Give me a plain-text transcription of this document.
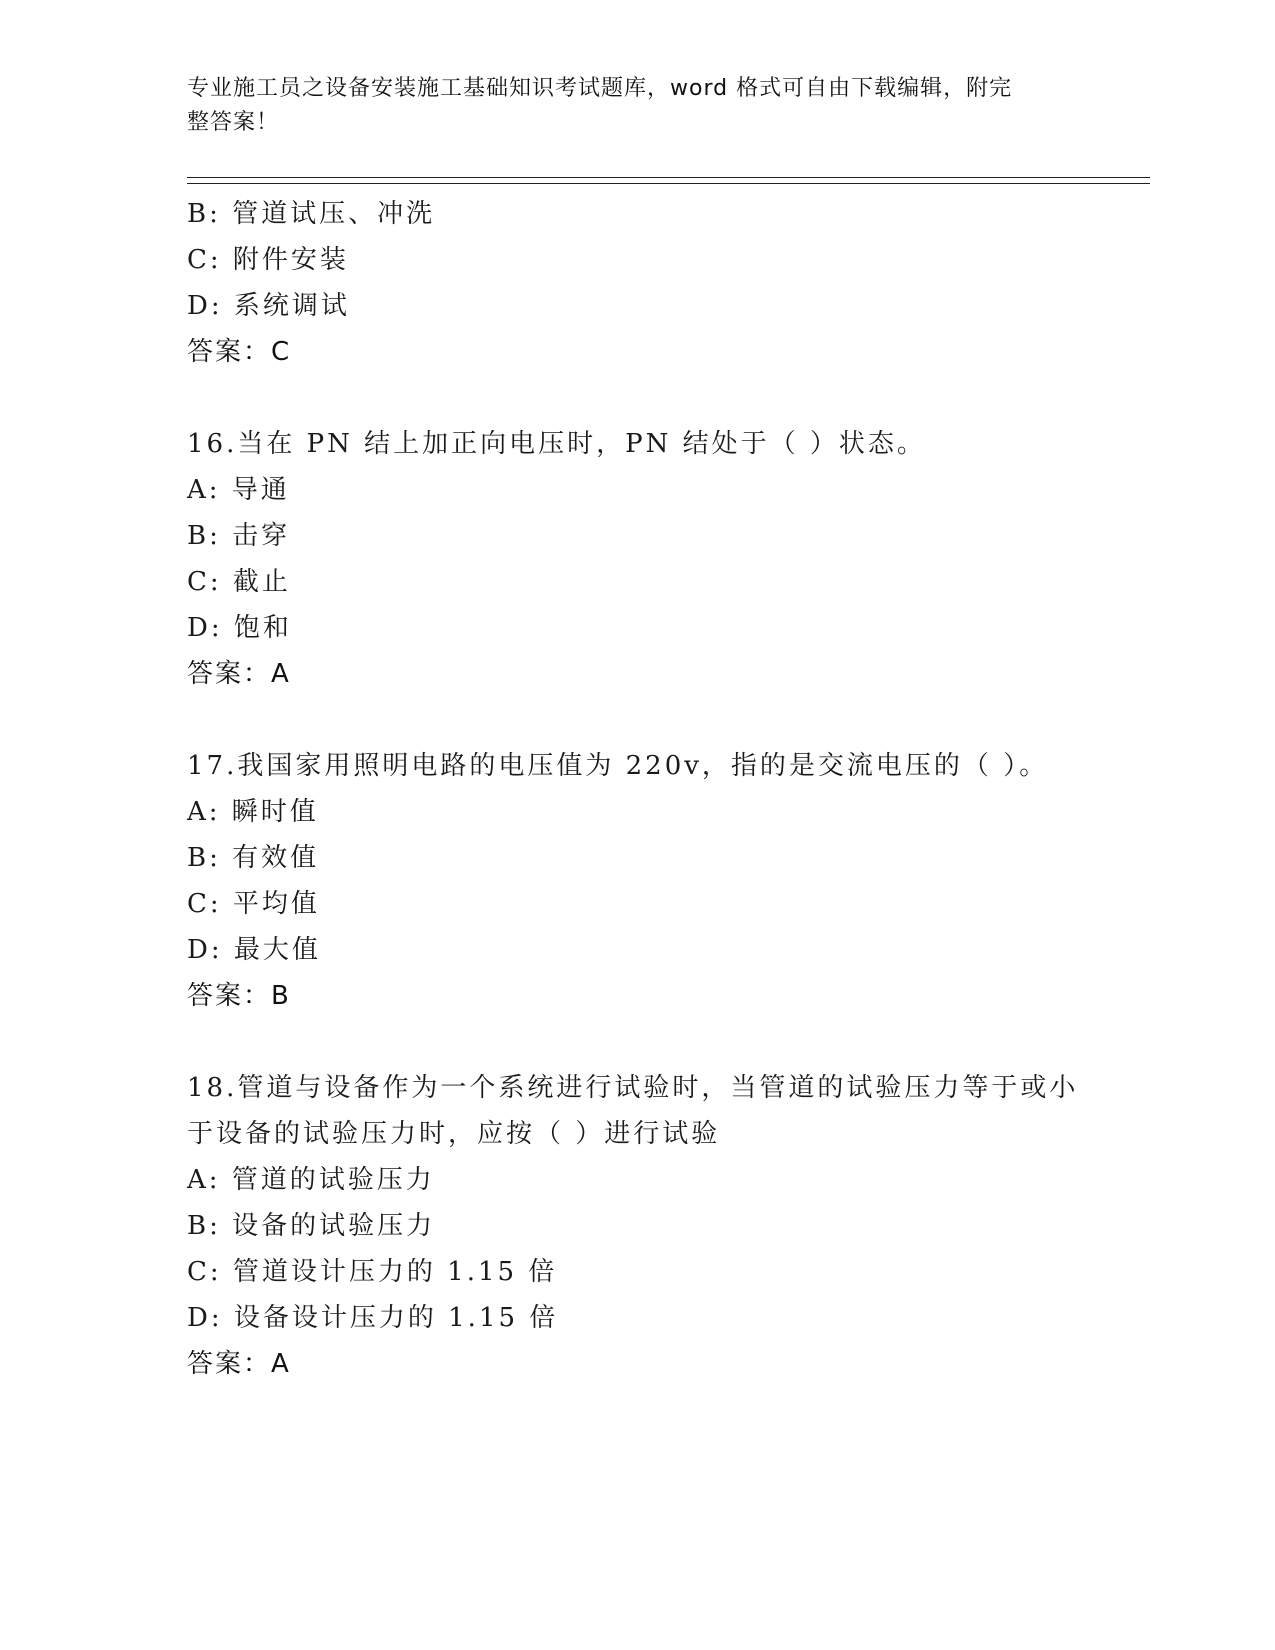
专业施工员之设备安装施工基础知识考试题库，word 格式可自由下载编辑，附完
整答案！
B: 管道试压、冲洗
C: 附件安装
D: 系统调试
答案：C
16.当在 PN 结上加正向电压时，PN 结处于（ ）状态。
A: 导通
B: 击穿
C: 截止
D: 饱和
答案：A
17.我国家用照明电路的电压值为 220v，指的是交流电压的（ ）。
A: 瞬时值
B: 有效值
C: 平均值
D: 最大值
答案：B
18.管道与设备作为一个系统进行试验时，当管道的试验压力等于或小
于设备的试验压力时，应按（ ）进行试验
A: 管道的试验压力
B: 设备的试验压力
C: 管道设计压力的 1.15 倍
D: 设备设计压力的 1.15 倍
答案：A
